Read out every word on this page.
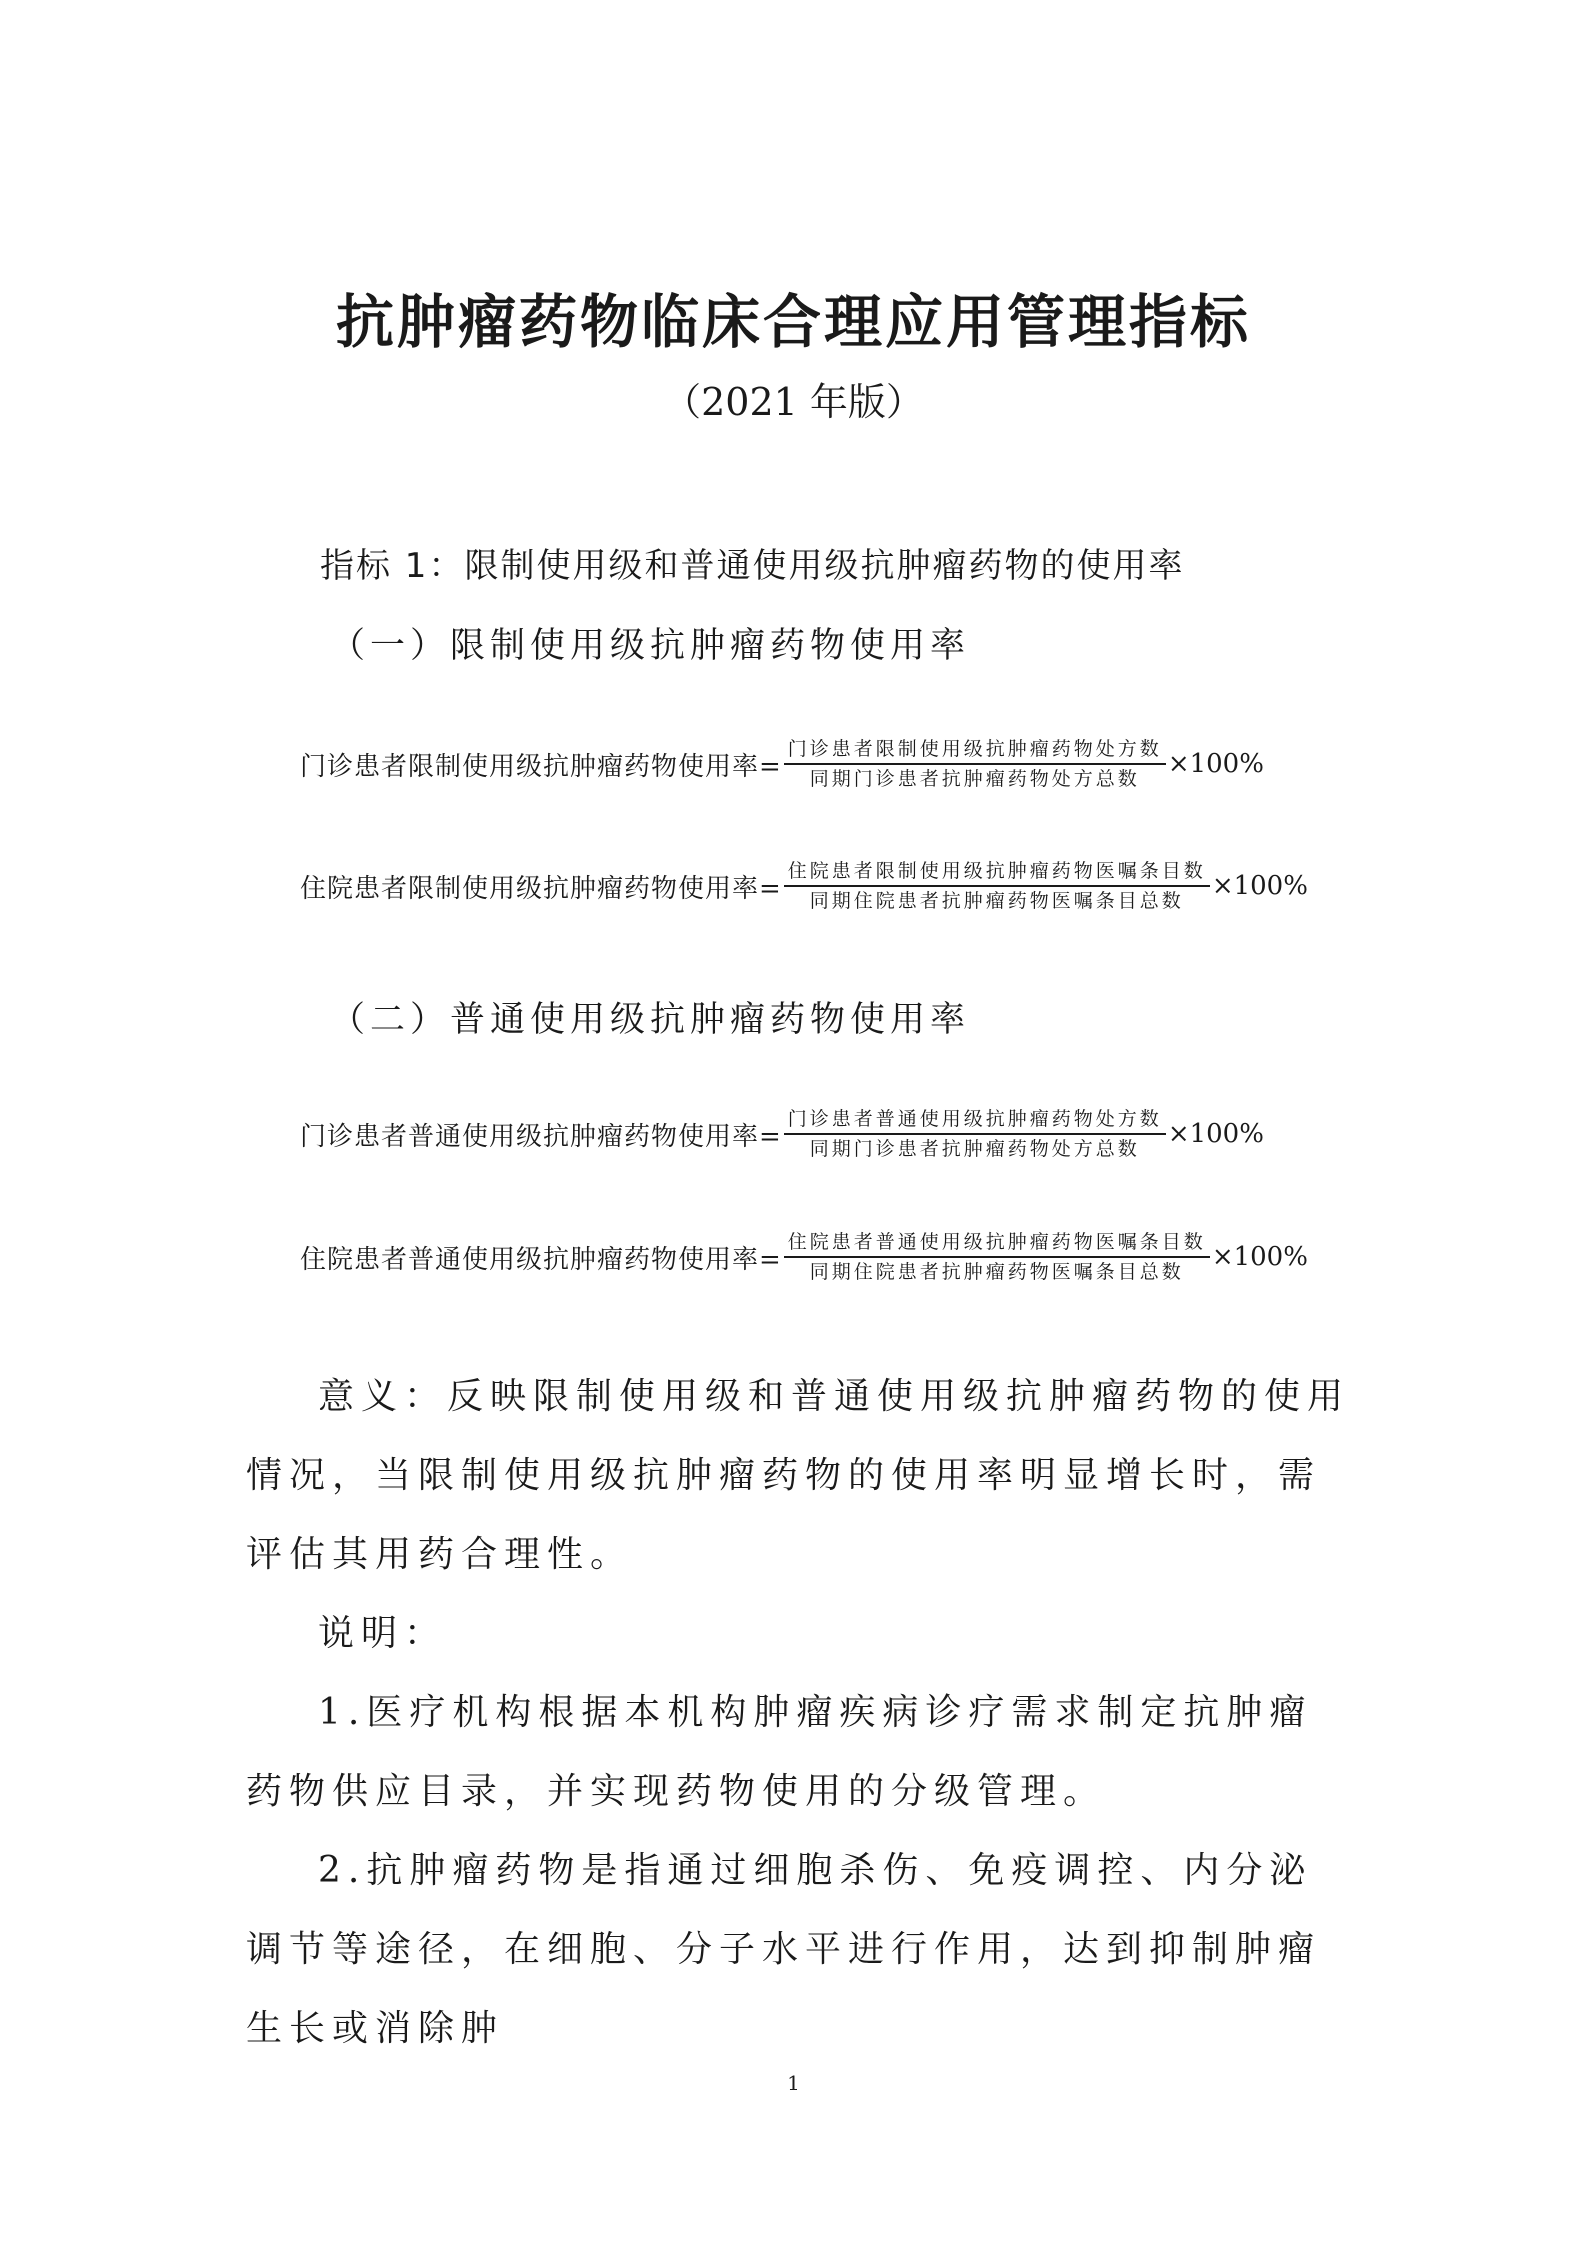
抗肿瘤药物临床合理应用管理指标
（2021 年版）
指标 1：限制使用级和普通使用级抗肿瘤药物的使用率
（一）限制使用级抗肿瘤药物使用率
门诊患者限制使用级抗肿瘤药物使用率= $\frac{\text{门诊患者限制使用级抗肿瘤药物处方数}}{\text{同期门诊患者抗肿瘤药物处方总数}} \times 100\%$
住院患者限制使用级抗肿瘤药物使用率= $\frac{\text{住院患者限制使用级抗肿瘤药物医嘱条目数}}{\text{同期住院患者抗肿瘤药物医嘱条目总数}} \times 100\%$
（二）普通使用级抗肿瘤药物使用率
门诊患者普通使用级抗肿瘤药物使用率= $\frac{\text{门诊患者普通使用级抗肿瘤药物处方数}}{\text{同期门诊患者抗肿瘤药物处方总数}} \times 100\%$
住院患者普通使用级抗肿瘤药物使用率= $\frac{\text{住院患者普通使用级抗肿瘤药物医嘱条目数}}{\text{同期住院患者抗肿瘤药物医嘱条目总数}} \times 100\%$

意义：反映限制使用级和普通使用级抗肿瘤药物的使用情况，当限制使用级抗肿瘤药物的使用率明显增长时，需评估其用药合理性。

说明：

1.医疗机构根据本机构肿瘤疾病诊疗需求制定抗肿瘤药物供应目录，并实现药物使用的分级管理。

2.抗肿瘤药物是指通过细胞杀伤、免疫调控、内分泌调节等途径，在细胞、分子水平进行作用，达到抑制肿瘤生长或消除肿

1
